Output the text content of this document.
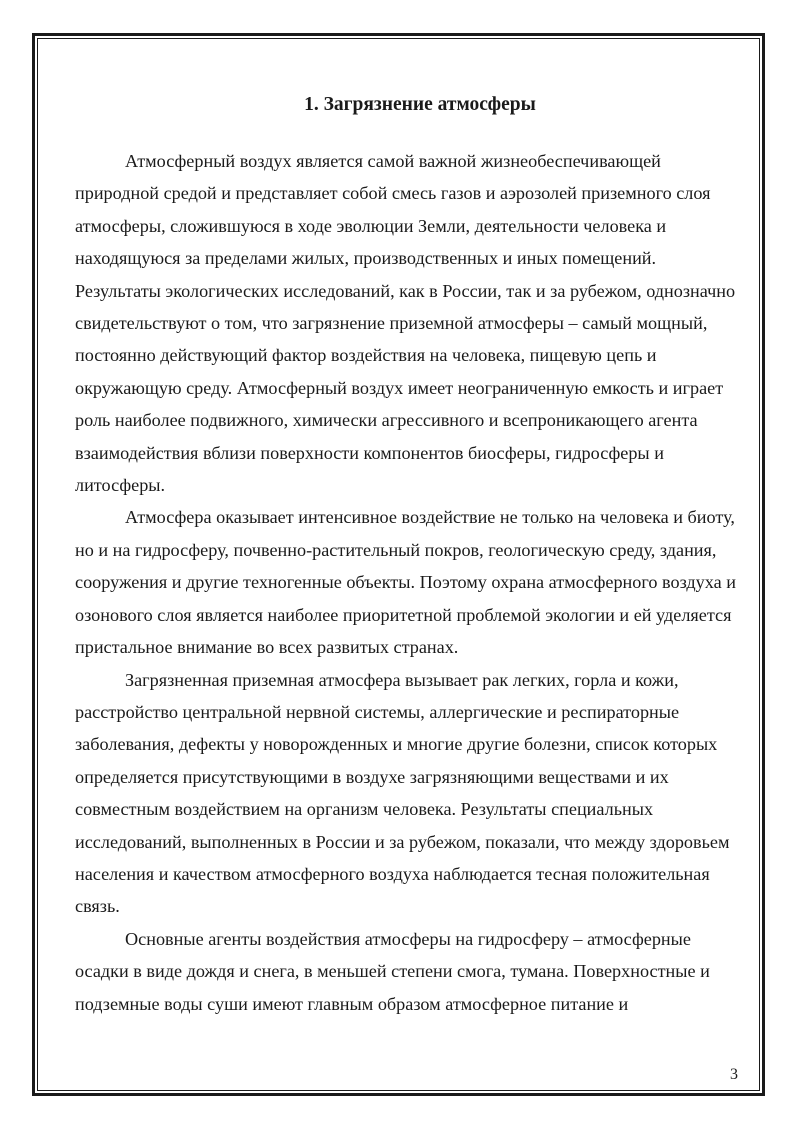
1. Загрязнение атмосферы

Атмосферный воздух является самой важной жизнеобеспечивающей природной средой и представляет собой смесь газов и аэрозолей приземного слоя атмосферы, сложившуюся в ходе эволюции Земли, деятельности человека и находящуюся за пределами жилых, производственных и иных помещений. Результаты экологических исследований, как в России, так и за рубежом, однозначно свидетельствуют о том, что загрязнение приземной атмосферы – самый мощный, постоянно действующий фактор воздействия на человека, пищевую цепь и окружающую среду. Атмосферный воздух имеет неограниченную емкость и играет роль наиболее подвижного, химически агрессивного и всепроникающего агента взаимодействия вблизи поверхности компонентов биосферы, гидросферы и литосферы.

Атмосфера оказывает интенсивное воздействие не только на человека и биоту, но и на гидросферу, почвенно-растительный покров, геологическую среду, здания, сооружения и другие техногенные объекты. Поэтому охрана атмосферного воздуха и озонового слоя является наиболее приоритетной проблемой экологии и ей уделяется пристальное внимание во всех развитых странах.

Загрязненная приземная атмосфера вызывает рак легких, горла и кожи, расстройство центральной нервной системы, аллергические и респираторные заболевания, дефекты у новорожденных и многие другие болезни, список которых определяется присутствующими в воздухе загрязняющими веществами и их совместным воздействием на организм человека. Результаты специальных исследований, выполненных в России и за рубежом, показали, что между здоровьем населения и качеством атмосферного воздуха наблюдается тесная положительная связь.

Основные агенты воздействия атмосферы на гидросферу – атмосферные осадки в виде дождя и снега, в меньшей степени смога, тумана. Поверхностные и подземные воды суши имеют главным образом атмосферное питание и

3
